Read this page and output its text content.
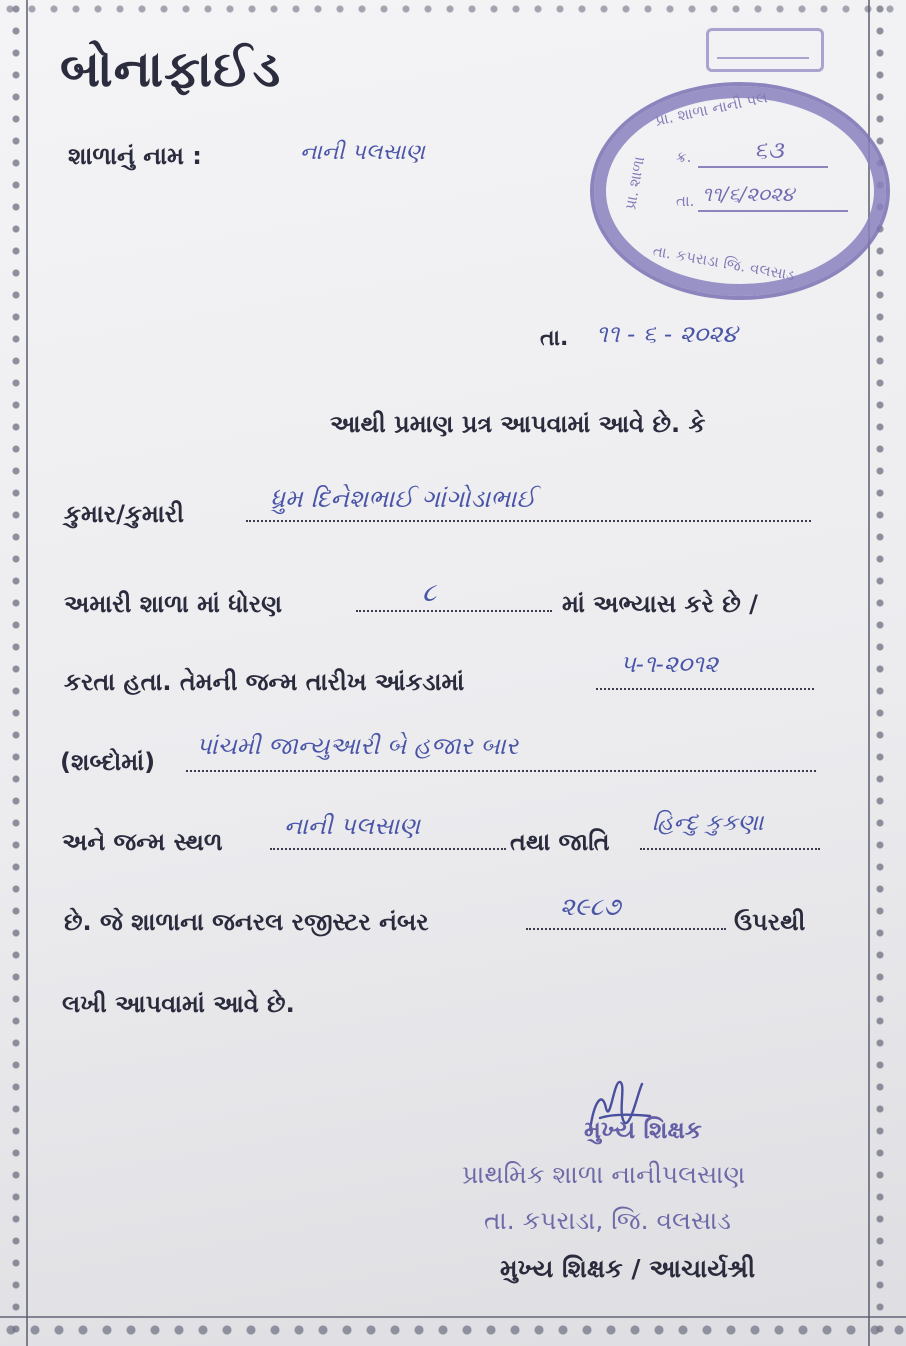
બોનાફાઈડ
શાળાનું નામ :	નાની પલસાણ
પ્રા. શાળા નાની પલ
પ્રા. શાળા
તા. કપરાડા જિ. વલસાડ
ક્ર.	૬૩
તા. ૧૧/૬/૨૦૨૪
તા. ૧૧ - ૬ - ૨૦૨૪
આથી પ્રમાણ પ્રત્ર આપવામાં આવે છે. કે
કુમાર/કુમારી
ધ્રુમ દિનેશભાઈ ગાંગોડાભાઈ
અમારી શાળા માં ધોરણ	૮	માં અભ્યાસ કરે છે /
કરતા હતા. તેમની જન્મ તારીખ આંકડામાં
૫-૧-૨૦૧૨
(શબ્દોમાં)
પાંચમી જાન્યુઆરી બે હજાર બાર
અને જન્મ સ્થળ
નાની પલસાણ
તથા જાતિ
હિન્દુ કુકણા
છે. જે શાળાના જનરલ રજીસ્ટર નંબર
૨૯૮૭
ઉપરથી
લખી આપવામાં આવે છે.
મુખ્ય શિક્ષક
પ્રાથમિક શાળા નાનીપલસાણ
તા. કપરાડા, જિ. વલસાડ
મુખ્ય શિક્ષક / આચાર્યશ્રી
